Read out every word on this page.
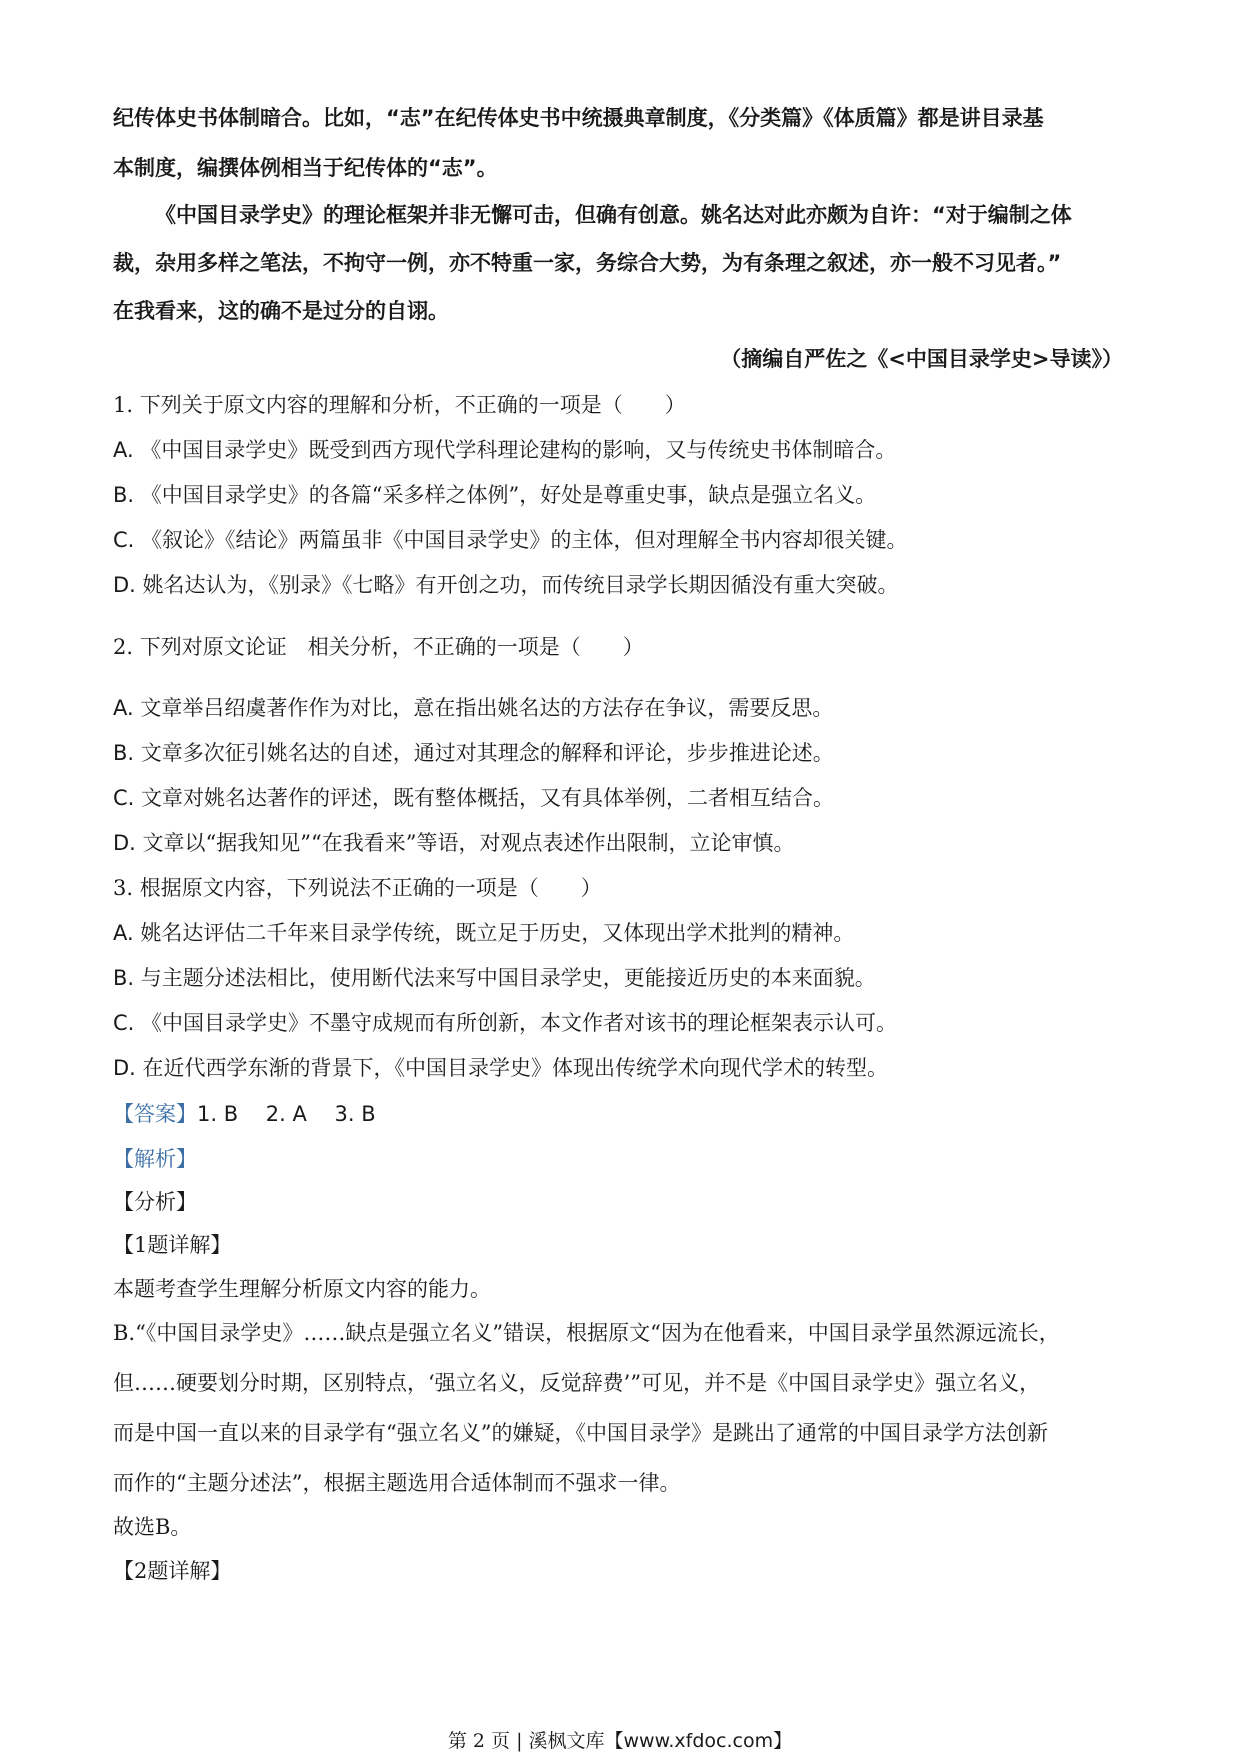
纪传体史书体制暗合。比如，“志”在纪传体史书中统摄典章制度，《分类篇》《体质篇》都是讲目录基
本制度，编撰体例相当于纪传体的“志”。
《中国目录学史》的理论框架并非无懈可击，但确有创意。姚名达对此亦颇为自许：“对于编制之体
裁，杂用多样之笔法，不拘守一例，亦不特重一家，务综合大势，为有条理之叙述，亦一般不习见者。”
在我看来，这的确不是过分的自诩。
（摘编自严佐之《<中国目录学史>导读》）
1. 下列关于原文内容的理解和分析，不正确的一项是（　　）
A. 《中国目录学史》既受到西方现代学科理论建构的影响，又与传统史书体制暗合。
B. 《中国目录学史》的各篇“采多样之体例”，好处是尊重史事，缺点是强立名义。
C. 《叙论》《结论》两篇虽非《中国目录学史》的主体，但对理解全书内容却很关键。
D. 姚名达认为，《别录》《七略》有开创之功，而传统目录学长期因循没有重大突破。
2. 下列对原文论证　相关分析，不正确的一项是（　　）
A. 文章举吕绍虞著作作为对比，意在指出姚名达的方法存在争议，需要反思。
B. 文章多次征引姚名达的自述，通过对其理念的解释和评论，步步推进论述。
C. 文章对姚名达著作的评述，既有整体概括，又有具体举例，二者相互结合。
D. 文章以“据我知见”“在我看来”等语，对观点表述作出限制，立论审慎。
3. 根据原文内容，下列说法不正确的一项是（　　）
A. 姚名达评估二千年来目录学传统，既立足于历史，又体现出学术批判的精神。
B. 与主题分述法相比，使用断代法来写中国目录学史，更能接近历史的本来面貌。
C. 《中国目录学史》不墨守成规而有所创新，本文作者对该书的理论框架表示认可。
D. 在近代西学东渐的背景下，《中国目录学史》体现出传统学术向现代学术的转型。
【答案】1. B　 2. A　 3. B
【解析】
【分析】
【1题详解】
本题考查学生理解分析原文内容的能力。
B.“《中国目录学史》……缺点是强立名义”错误，根据原文“因为在他看来，中国目录学虽然源远流长，
但……硬要划分时期，区别特点，‘强立名义，反觉辞费’”可见，并不是《中国目录学史》强立名义，
而是中国一直以来的目录学有“强立名义”的嫌疑，《中国目录学》是跳出了通常的中国目录学方法创新
而作的“主题分述法”，根据主题选用合适体制而不强求一律。
故选B。
【2题详解】
第 2 页 | 溪枫文库【www.xfdoc.com】
